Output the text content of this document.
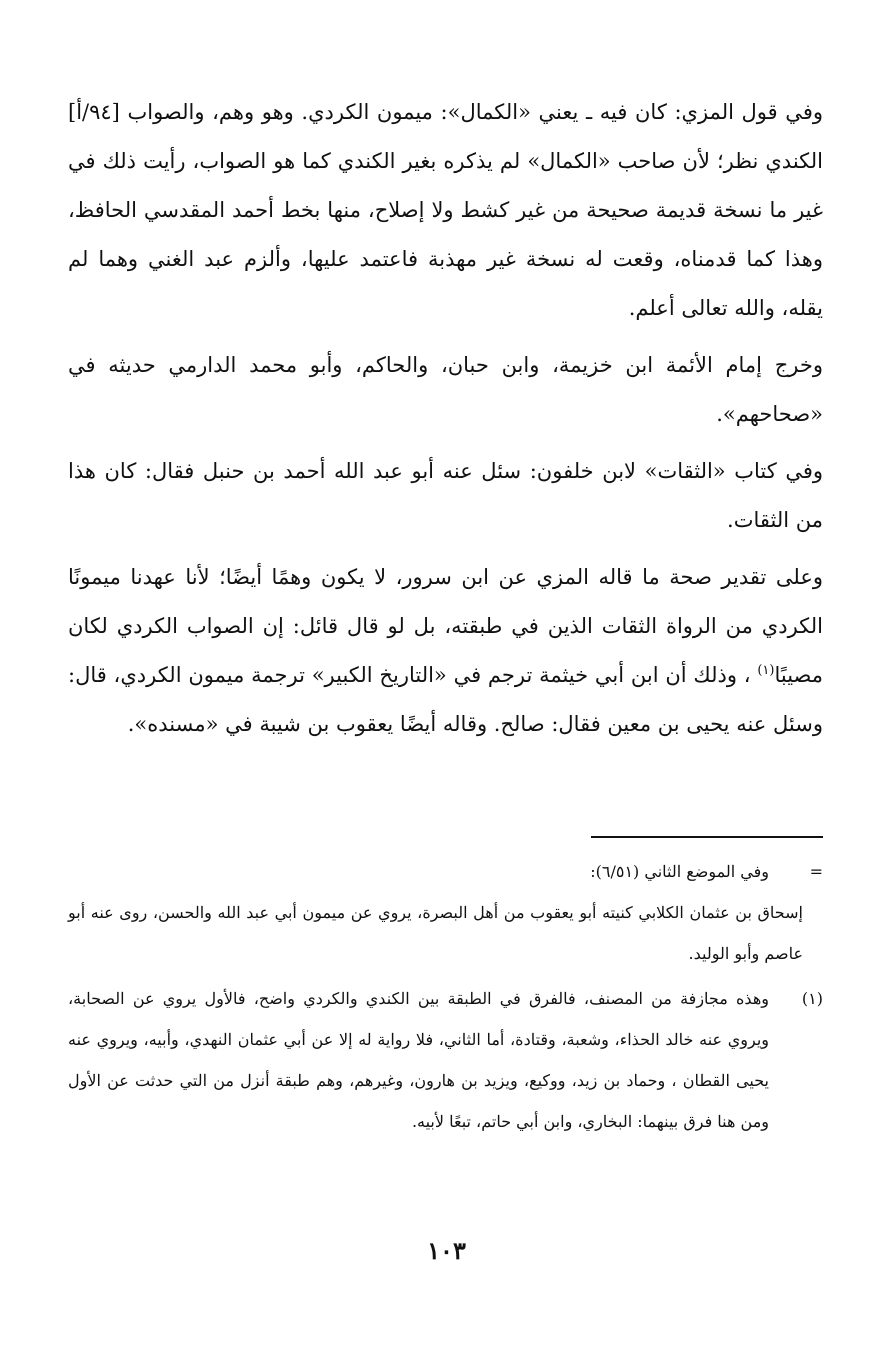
وفي قول المزي: كان فيه ـ يعني «الكمال»: ميمون الكردي. وهو وهم، والصواب [٩٤/أ] الكندي نظر؛ لأن صاحب «الكمال» لم يذكره بغير الكندي كما هو الصواب، رأيت ذلك في غير ما نسخة قديمة صحيحة من غير كشط ولا إصلاح، منها بخط أحمد المقدسي الحافظ، وهذا كما قدمناه، وقعت له نسخة غير مهذبة فاعتمد عليها، وألزم عبد الغني وهما لم يقله، والله تعالى أعلم.

وخرج إمام الأئمة ابن خزيمة، وابن حبان، والحاكم، وأبو محمد الدارمي حديثه في «صحاحهم».

وفي كتاب «الثقات» لابن خلفون: سئل عنه أبو عبد الله أحمد بن حنبل فقال: كان هذا من الثقات.

وعلى تقدير صحة ما قاله المزي عن ابن سرور، لا يكون وهمًا أيضًا؛ لأنا عهدنا ميمونًا الكردي من الرواة الثقات الذين في طبقته، بل لو قال قائل: إن الصواب الكردي لكان مصيبًا$^{(١)}$ ، وذلك أن ابن أبي خيثمة ترجم في «التاريخ الكبير» ترجمة ميمون الكردي، قال: وسئل عنه يحيى بن معين فقال: صالح. وقاله أيضًا يعقوب بن شيبة في «مسنده».

=
وفي الموضع الثاني (٦/٥١):
إسحاق بن عثمان الكلابي كنيته أبو يعقوب من أهل البصرة، يروي عن ميمون أبي عبد الله والحسن، روى عنه أبو عاصم وأبو الوليد.
(١)
وهذه مجازفة من المصنف، فالفرق في الطبقة بين الكندي والكردي واضح، فالأول يروي عن الصحابة، ويروي عنه خالد الحذاء، وشعبة، وقتادة، أما الثاني، فلا رواية له إلا عن أبي عثمان النهدي، وأبيه، ويروي عنه يحيى القطان ، وحماد بن زيد، ووكيع، ويزيد بن هارون، وغيرهم، وهم طبقة أنزل من التي حدثت عن الأول ومن هنا فرق بينهما: البخاري، وابن أبي حاتم، تبعًا لأبيه.
١٠٣
